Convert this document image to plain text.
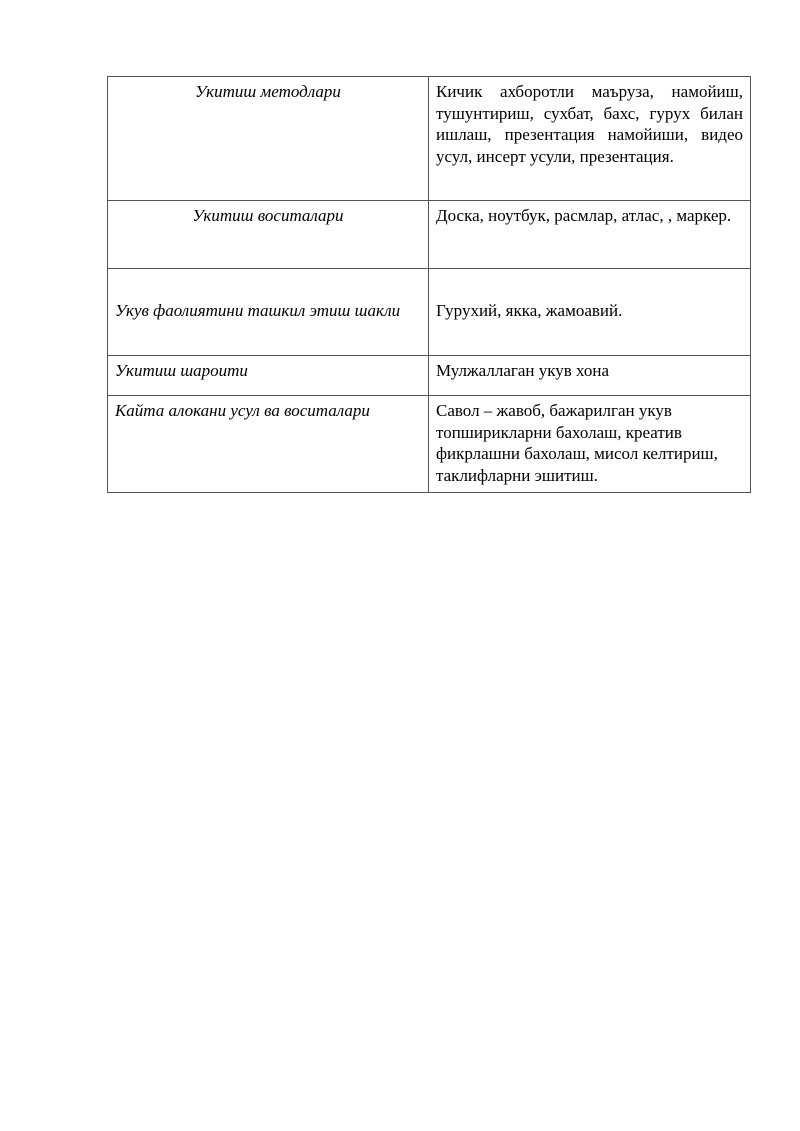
Укитиш методлари	Кичик ахборотли маъруза, намойиш, тушунтириш, сухбат, бахс, гурух билан ишлаш, презентация намойиши, видео усул, инсерт усули, презентация.
Укитиш воситалари	Доска, ноутбук, расмлар, атлас, , маркер.
Укув фаолиятини ташкил этиш шакли	Гурухий, якка, жамоавий.
Укитиш шароити	Мулжаллаган укув хона
Кайта алокани усул ва воситалари	Савол – жавоб, бажарилган укув топширикларни бахолаш, креатив фикрлашни бахолаш, мисол келтириш, таклифларни эшитиш.
